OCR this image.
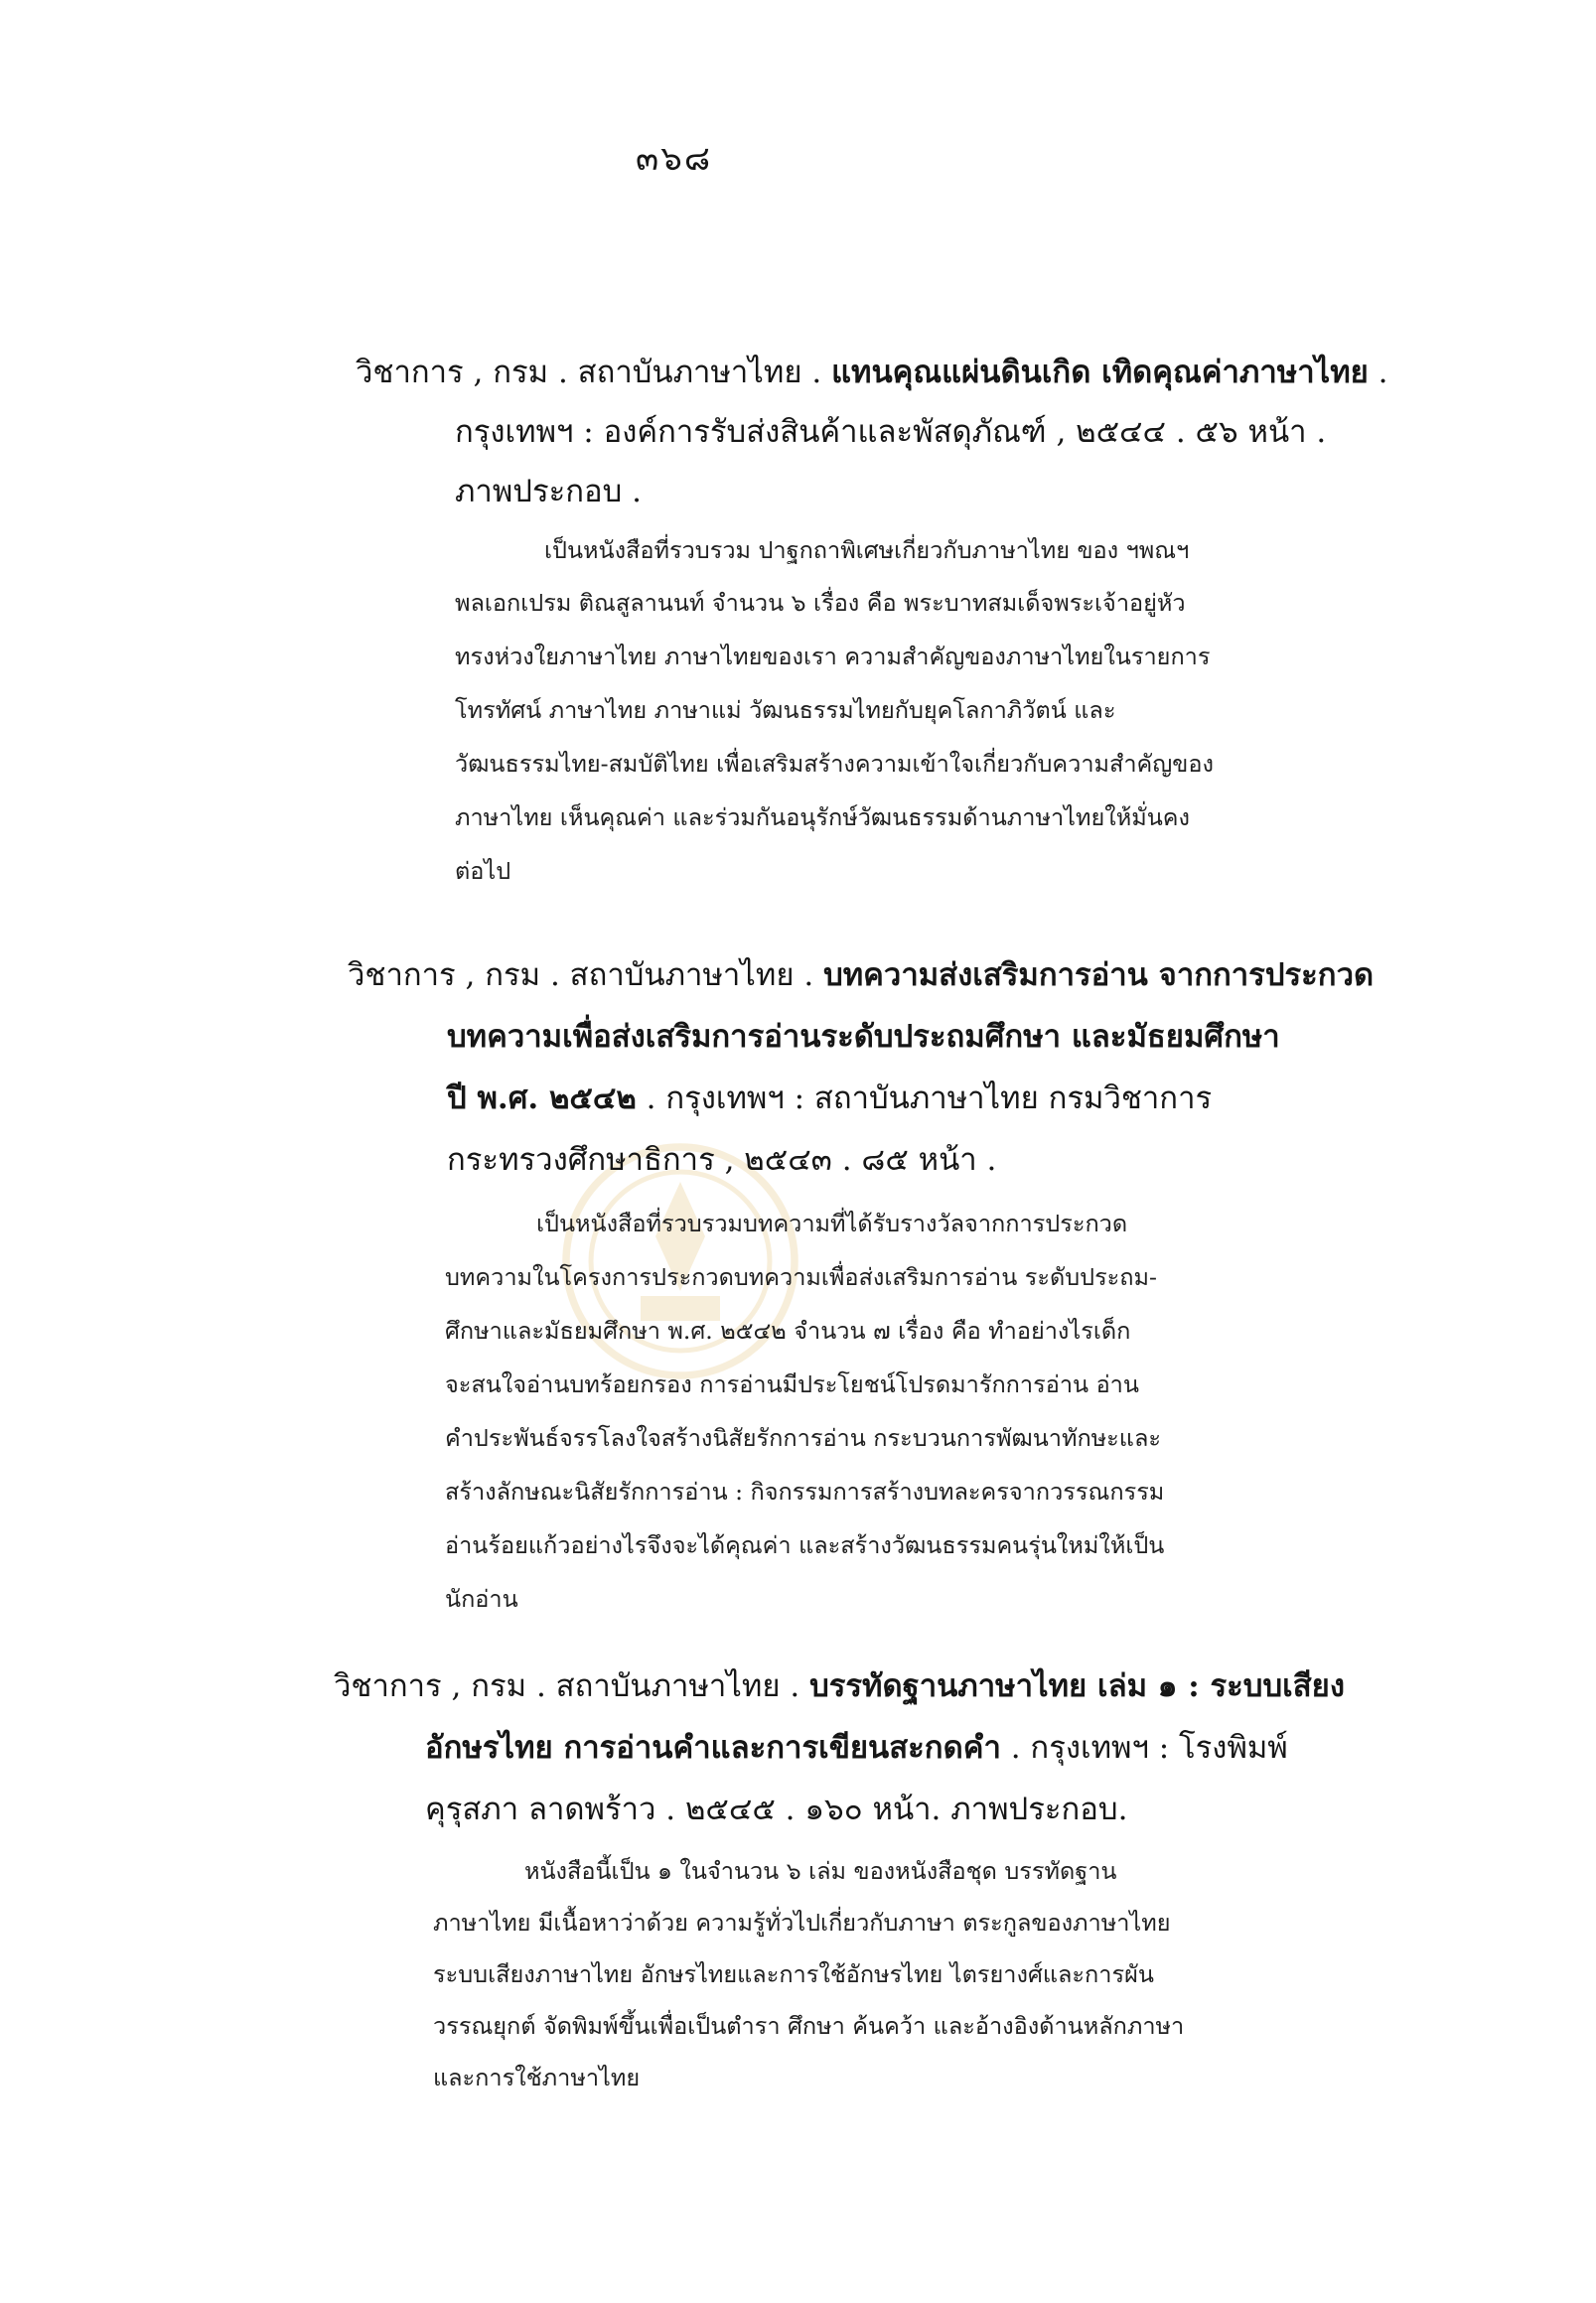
๓๖๘
วิชาการ , กรม . สถาบันภาษาไทย . แทนคุณแผ่นดินเกิด เทิดคุณค่าภาษาไทย .
กรุงเทพฯ : องค์การรับส่งสินค้าและพัสดุภัณฑ์ , ๒๕๔๔ . ๕๖ หน้า .
ภาพประกอบ .
เป็นหนังสือที่รวบรวม ปาฐกถาพิเศษเกี่ยวกับภาษาไทย ของ ฯพณฯ
พลเอกเปรม ติณสูลานนท์ จำนวน ๖ เรื่อง คือ พระบาทสมเด็จพระเจ้าอยู่หัว
ทรงห่วงใยภาษาไทย ภาษาไทยของเรา ความสำคัญของภาษาไทยในรายการ
โทรทัศน์ ภาษาไทย ภาษาแม่ วัฒนธรรมไทยกับยุคโลกาภิวัตน์ และ
วัฒนธรรมไทย-สมบัติไทย เพื่อเสริมสร้างความเข้าใจเกี่ยวกับความสำคัญของ
ภาษาไทย เห็นคุณค่า และร่วมกันอนุรักษ์วัฒนธรรมด้านภาษาไทยให้มั่นคง
ต่อไป
วิชาการ , กรม . สถาบันภาษาไทย . บทความส่งเสริมการอ่าน จากการประกวด
บทความเพื่อส่งเสริมการอ่านระดับประถมศึกษา และมัธยมศึกษา
ปี พ.ศ. ๒๕๔๒ . กรุงเทพฯ : สถาบันภาษาไทย กรมวิชาการ
กระทรวงศึกษาธิการ , ๒๕๔๓ . ๘๕ หน้า .
เป็นหนังสือที่รวบรวมบทความที่ได้รับรางวัลจากการประกวด
บทความในโครงการประกวดบทความเพื่อส่งเสริมการอ่าน ระดับประถม-
ศึกษาและมัธยมศึกษา พ.ศ. ๒๕๔๒ จำนวน ๗ เรื่อง คือ ทำอย่างไรเด็ก
จะสนใจอ่านบทร้อยกรอง การอ่านมีประโยชน์โปรดมารักการอ่าน อ่าน
คำประพันธ์จรรโลงใจสร้างนิสัยรักการอ่าน กระบวนการพัฒนาทักษะและ
สร้างลักษณะนิสัยรักการอ่าน : กิจกรรมการสร้างบทละครจากวรรณกรรม
อ่านร้อยแก้วอย่างไรจึงจะได้คุณค่า และสร้างวัฒนธรรมคนรุ่นใหม่ให้เป็น
นักอ่าน
วิชาการ , กรม . สถาบันภาษาไทย . บรรทัดฐานภาษาไทย เล่ม ๑ : ระบบเสียง
อักษรไทย การอ่านคำและการเขียนสะกดคำ . กรุงเทพฯ : โรงพิมพ์
คุรุสภา ลาดพร้าว . ๒๕๔๕ . ๑๖๐ หน้า. ภาพประกอบ.
หนังสือนี้เป็น ๑ ในจำนวน ๖ เล่ม ของหนังสือชุด บรรทัดฐาน
ภาษาไทย มีเนื้อหาว่าด้วย ความรู้ทั่วไปเกี่ยวกับภาษา ตระกูลของภาษาไทย
ระบบเสียงภาษาไทย อักษรไทยและการใช้อักษรไทย ไตรยางศ์และการผัน
วรรณยุกต์ จัดพิมพ์ขึ้นเพื่อเป็นตำรา ศึกษา ค้นคว้า และอ้างอิงด้านหลักภาษา
และการใช้ภาษาไทย
